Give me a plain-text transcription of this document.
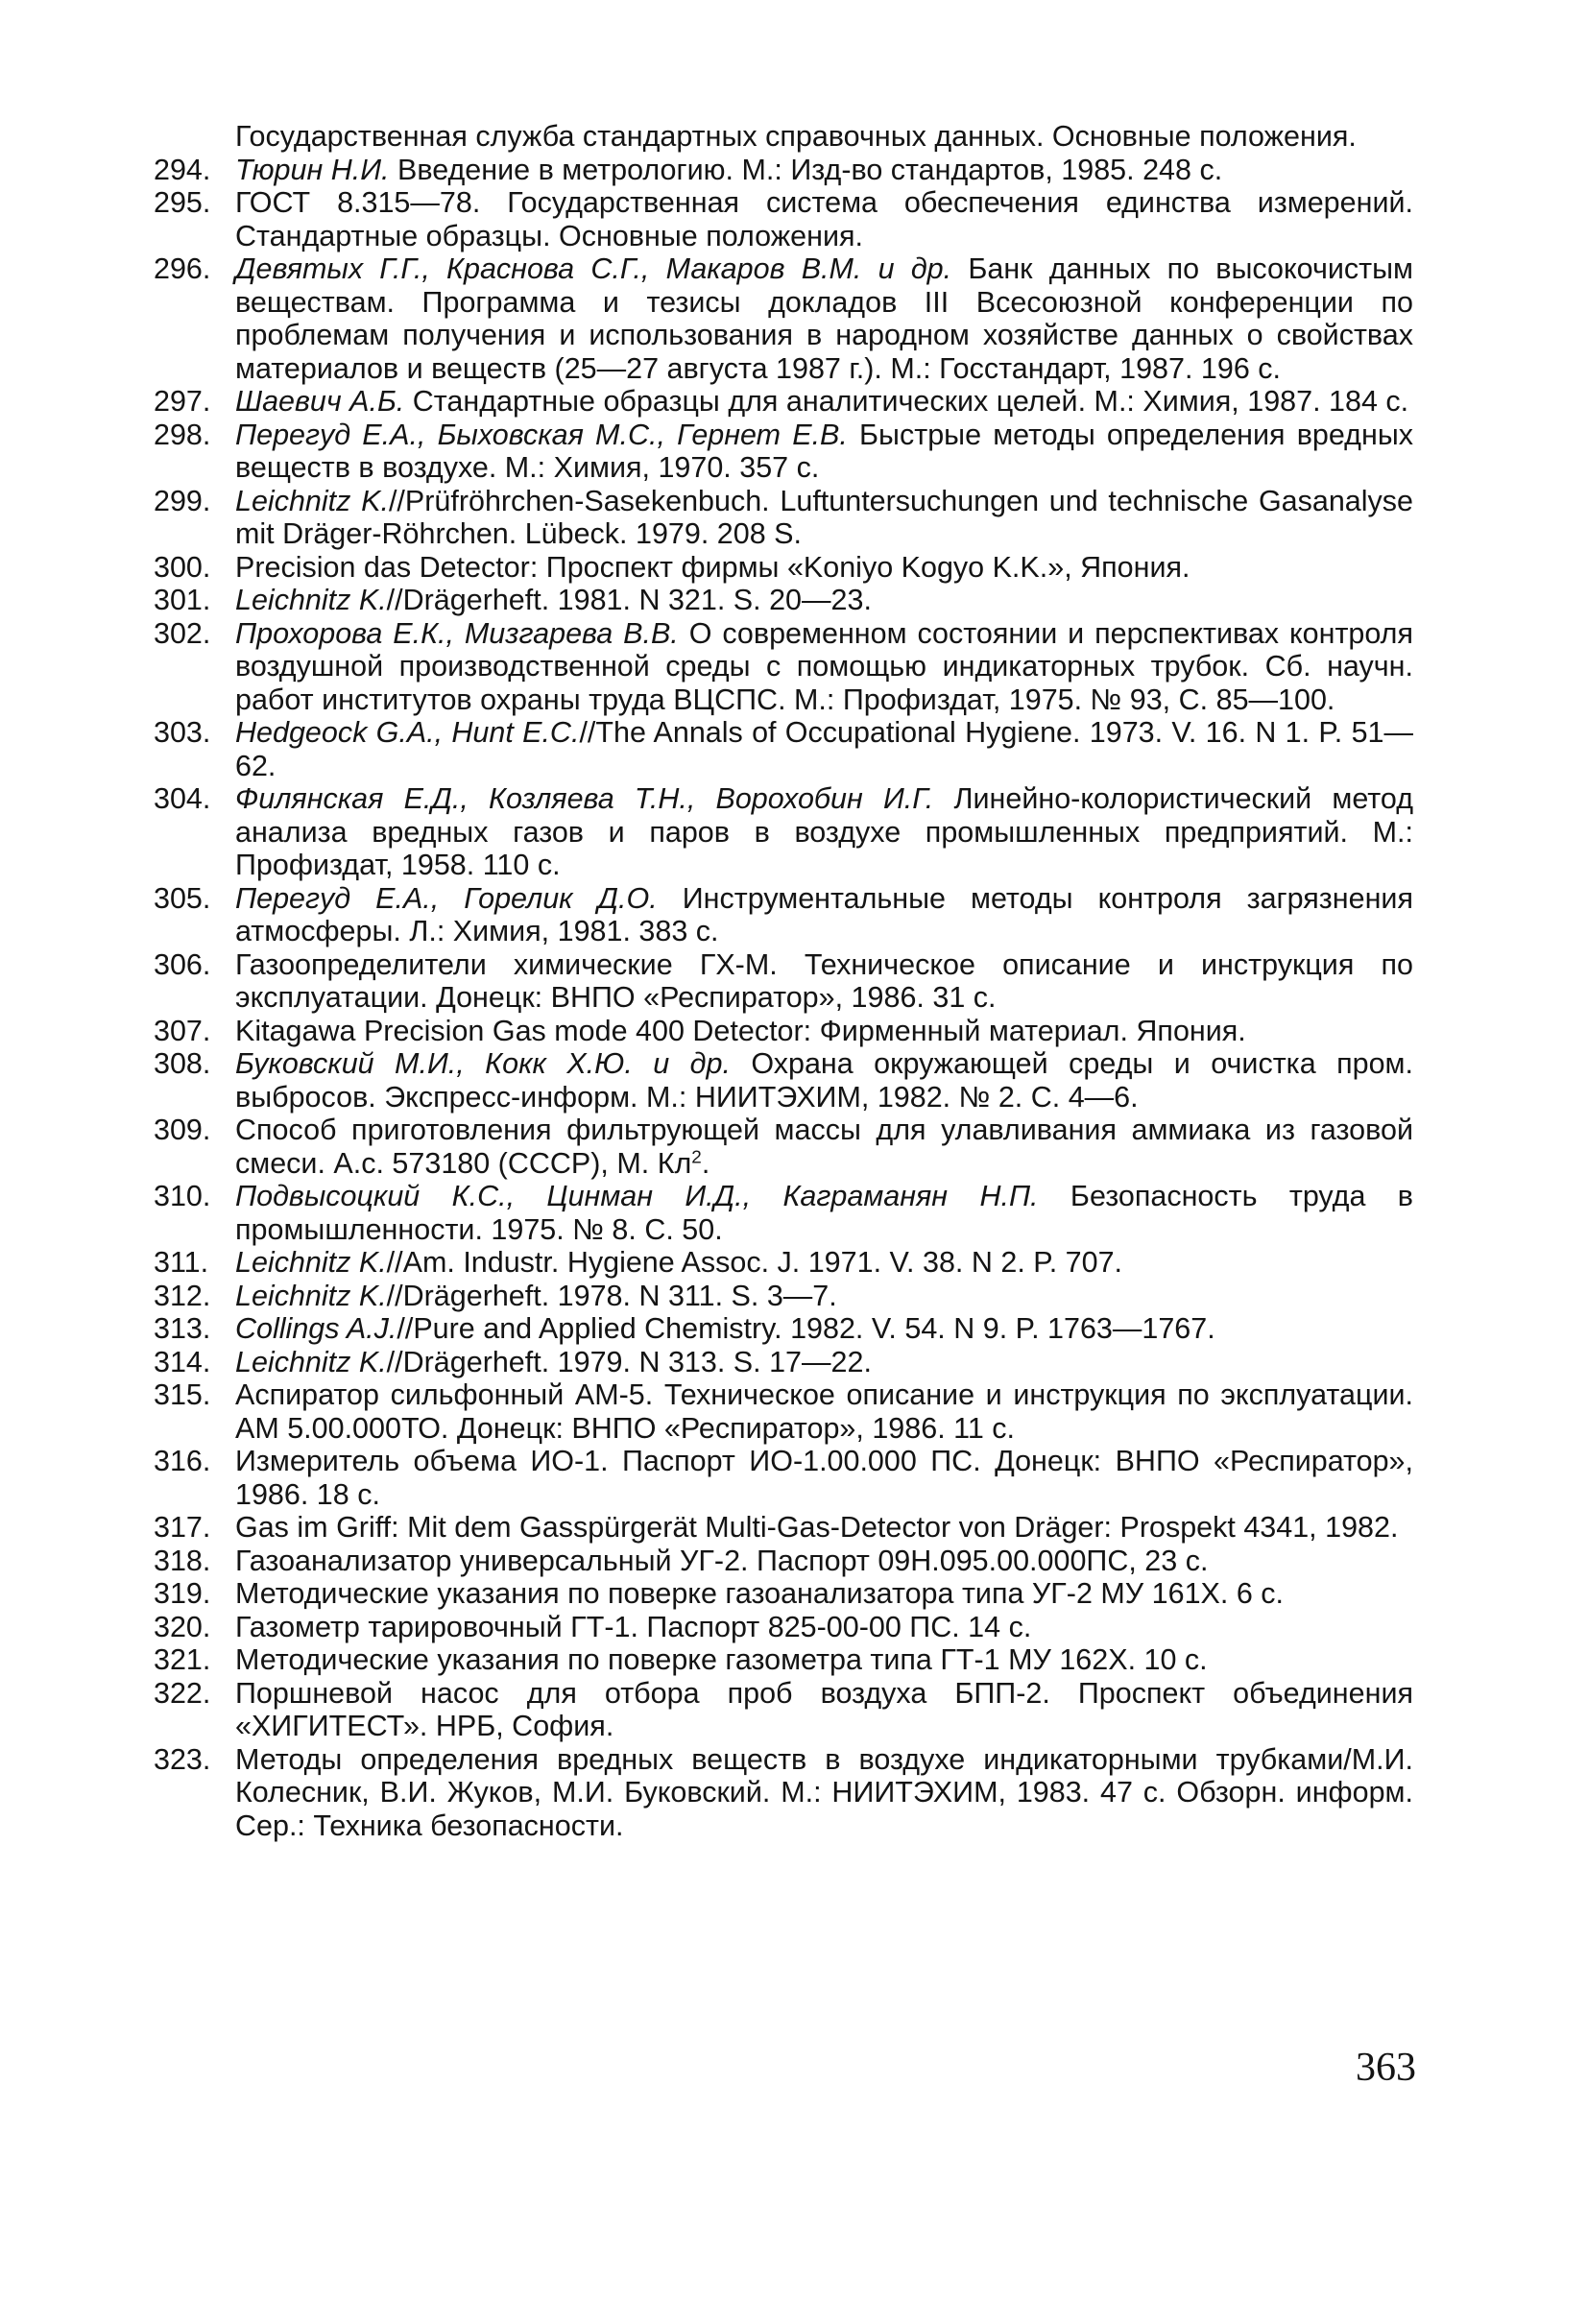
Государственная служба стандартных справочных данных. Основные положения.
294. Тюрин Н.И. Введение в метрологию. М.: Изд-во стандартов, 1985. 248 с.
295. ГОСТ 8.315—78. Государственная система обеспечения единства измерений. Стандартные образцы. Основные положения.
296. Девятых Г.Г., Краснова С.Г., Макаров В.М. и др. Банк данных по высокочистым веществам. Программа и тезисы докладов III Всесоюзной конференции по проблемам получения и использования в народном хозяйстве данных о свойствах материалов и веществ (25—27 августа 1987 г.). М.: Госстандарт, 1987. 196 с.
297. Шаевич А.Б. Стандартные образцы для аналитических целей. М.: Химия, 1987. 184 с.
298. Перегуд Е.А., Быховская М.С., Гернет Е.В. Быстрые методы определения вредных веществ в воздухе. М.: Химия, 1970. 357 с.
299. Leichnitz K.//Prüfröhrchen-Sasekenbuch. Luftuntersuchungen und technische Gasanalyse mit Dräger-Röhrchen. Lübeck. 1979. 208 S.
300. Precision das Detector: Проспект фирмы «Koniyo Kogyo K.K.», Япония.
301. Leichnitz K.//Drägerheft. 1981. N 321. S. 20—23.
302. Прохорова Е.К., Мизгарева В.В. О современном состоянии и перспективах контроля воздушной производственной среды с помощью индикаторных трубок. Сб. научн. работ институтов охраны труда ВЦСПС. М.: Профиздат, 1975. № 93, С. 85—100.
303. Hedgeock G.A., Hunt E.C.//The Annals of Occupational Hygiene. 1973. V. 16. N 1. P. 51—62.
304. Филянская Е.Д., Козляева Т.Н., Ворохобин И.Г. Линейно-колористический метод анализа вредных газов и паров в воздухе промышленных предприятий. М.: Профиздат, 1958. 110 с.
305. Перегуд Е.А., Горелик Д.О. Инструментальные методы контроля загрязнения атмосферы. Л.: Химия, 1981. 383 с.
306. Газоопределители химические ГХ-М. Техническое описание и инструкция по эксплуатации. Донецк: ВНПО «Респиратор», 1986. 31 с.
307. Kitagawa Precision Gas mode 400 Detector: Фирменный материал. Япония.
308. Буковский М.И., Кокк Х.Ю. и др. Охрана окружающей среды и очистка пром. выбросов. Экспресс-информ. М.: НИИТЭХИМ, 1982. № 2. С. 4—6.
309. Способ приготовления фильтрующей массы для улавливания аммиака из газовой смеси. А.с. 573180 (СССР), М. $Кл^2$.
310. Подвысоцкий К.С., Цинман И.Д., Каграманян Н.П. Безопасность труда в промышленности. 1975. № 8. С. 50.
311. Leichnitz K.//Am. Industr. Hygiene Assoc. J. 1971. V. 38. N 2. P. 707.
312. Leichnitz K.//Drägerheft. 1978. N 311. S. 3—7.
313. Collings A.J.//Pure and Applied Chemistry. 1982. V. 54. N 9. P. 1763—1767.
314. Leichnitz K.//Drägerheft. 1979. N 313. S. 17—22.
315. Аспиратор сильфонный АМ-5. Техническое описание и инструкция по эксплуатации. АМ 5.00.000ТО. Донецк: ВНПО «Респиратор», 1986. 11 с.
316. Измеритель объема ИО-1. Паспорт ИО-1.00.000 ПС. Донецк: ВНПО «Респиратор», 1986. 18 с.
317. Gas im Griff: Mit dem Gasspürgerät Multi-Gas-Detector von Dräger: Prospekt 4341, 1982.
318. Газоанализатор универсальный УГ-2. Паспорт 09Н.095.00.000ПС, 23 с.
319. Методические указания по поверке газоанализатора типа УГ-2 МУ 161Х. 6 с.
320. Газометр тарировочный ГТ-1. Паспорт 825-00-00 ПС. 14 с.
321. Методические указания по поверке газометра типа ГТ-1 МУ 162Х. 10 с.
322. Поршневой насос для отбора проб воздуха БПП-2. Проспект объединения «ХИГИТЕСТ». НРБ, София.
323. Методы определения вредных веществ в воздухе индикаторными трубками/М.И. Колесник, В.И. Жуков, М.И. Буковский. М.: НИИТЭХИМ, 1983. 47 с. Обзорн. информ. Сер.: Техника безопасности.
363
